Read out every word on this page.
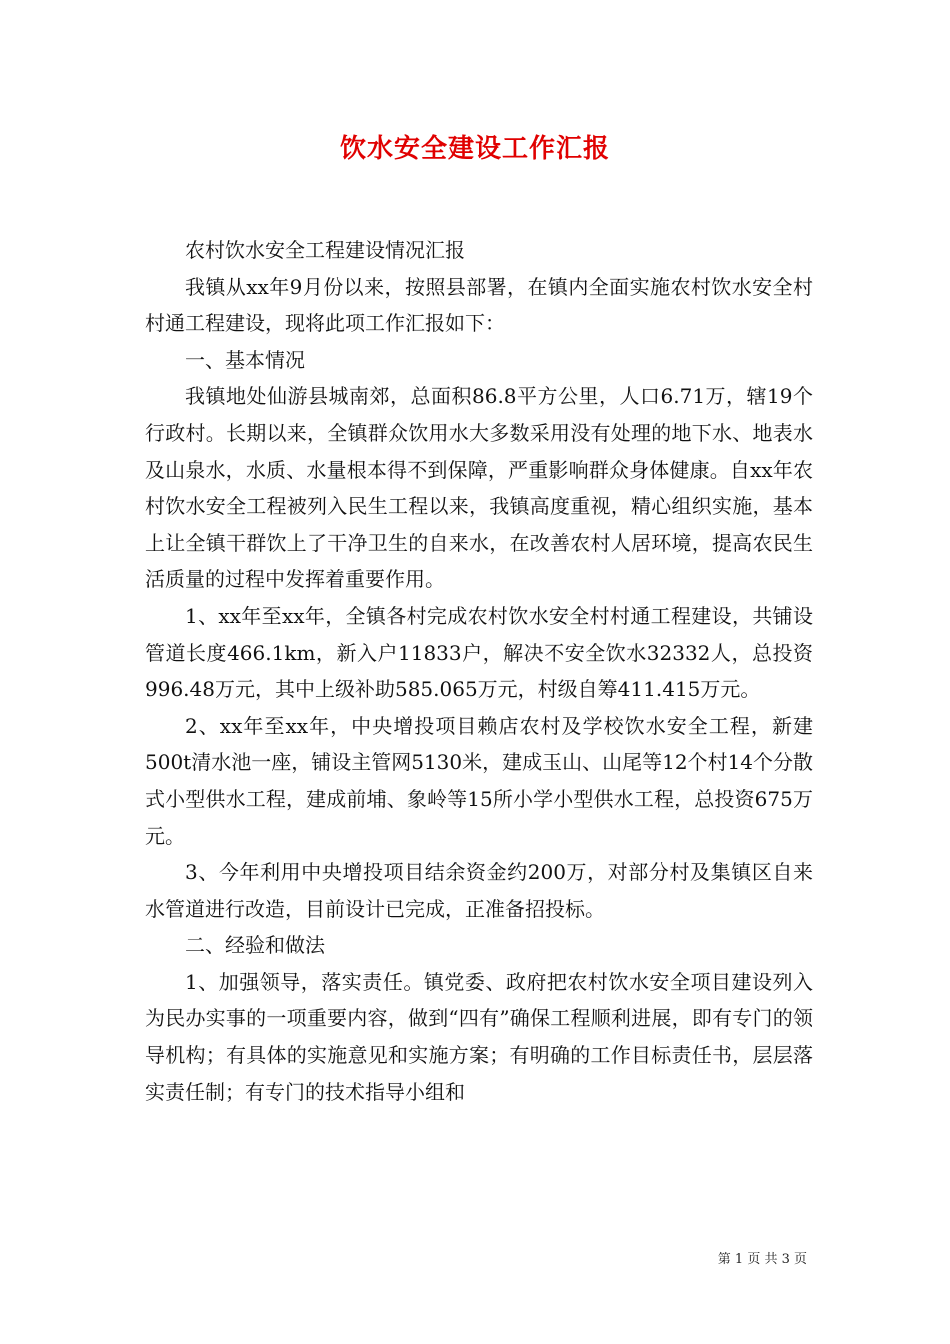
饮水安全建设工作汇报

农村饮水安全工程建设情况汇报

我镇从xx年9月份以来，按照县部署，在镇内全面实施农村饮水安全村村通工程建设，现将此项工作汇报如下：

一、基本情况

我镇地处仙游县城南郊，总面积86.8平方公里，人口6.71万，辖19个行政村。长期以来，全镇群众饮用水大多数采用没有处理的地下水、地表水及山泉水，水质、水量根本得不到保障，严重影响群众身体健康。自xx年农村饮水安全工程被列入民生工程以来，我镇高度重视，精心组织实施，基本上让全镇干群饮上了干净卫生的自来水，在改善农村人居环境，提高农民生活质量的过程中发挥着重要作用。

1、xx年至xx年，全镇各村完成农村饮水安全村村通工程建设，共铺设管道长度466.1km，新入户11833户，解决不安全饮水32332人，总投资996.48万元，其中上级补助585.065万元，村级自筹411.415万元。

2、xx年至xx年，中央增投项目赖店农村及学校饮水安全工程，新建500t清水池一座，铺设主管网5130米，建成玉山、山尾等12个村14个分散式小型供水工程，建成前埔、象岭等15所小学小型供水工程，总投资675万元。

3、今年利用中央增投项目结余资金约200万，对部分村及集镇区自来水管道进行改造，目前设计已完成，正准备招投标。

二、经验和做法

1、加强领导，落实责任。镇党委、政府把农村饮水安全项目建设列入为民办实事的一项重要内容，做到“四有”确保工程顺利进展，即有专门的领导机构；有具体的实施意见和实施方案；有明确的工作目标责任书，层层落实责任制；有专门的技术指导小组和

第 1 页 共 3 页
